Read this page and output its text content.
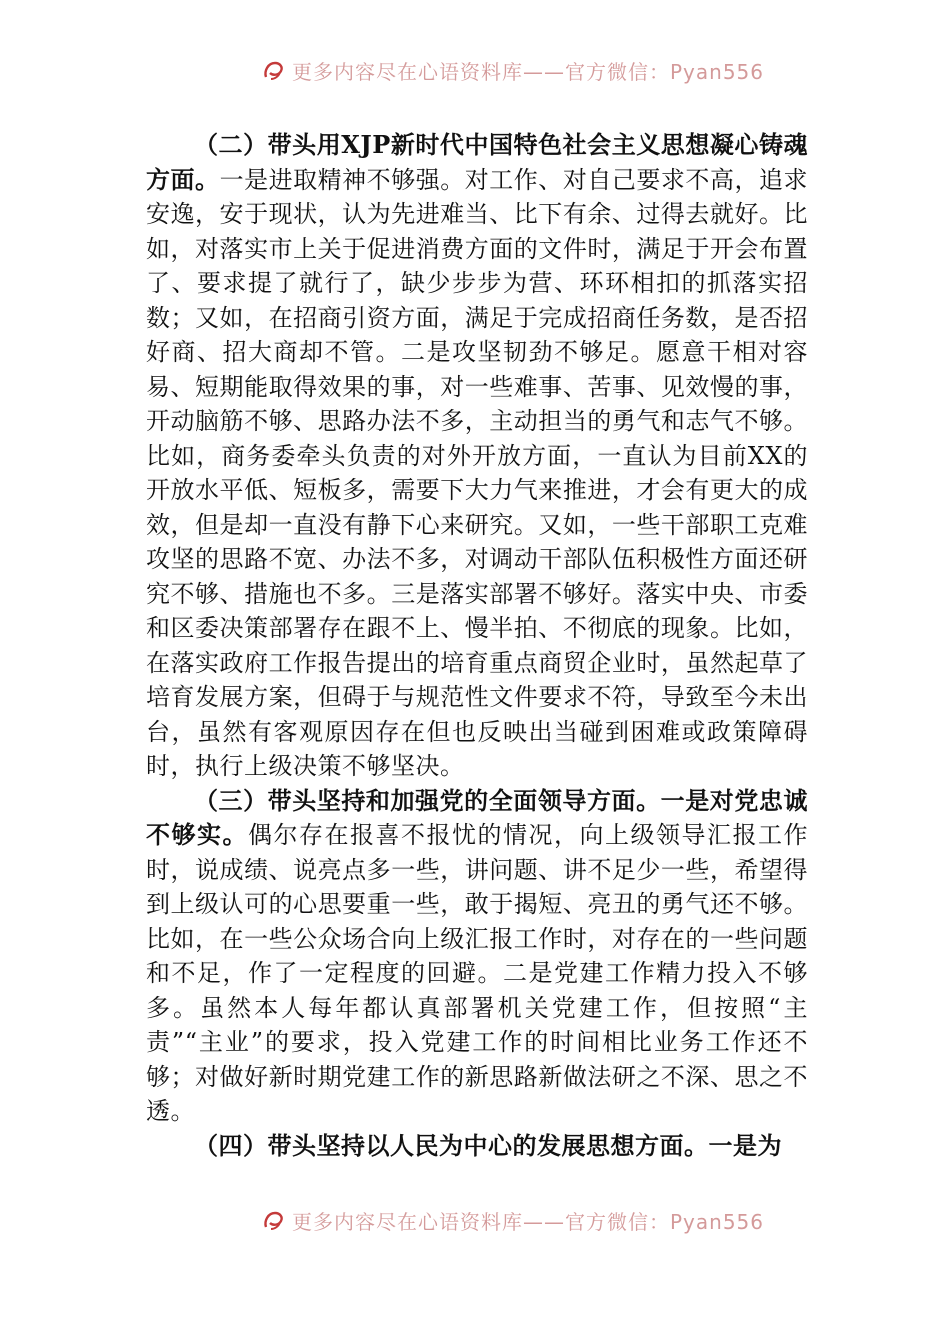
更多内容尽在心语资料库——官方微信：Pyan556

（二）带头用XJP新时代中国特色社会主义思想凝心铸魂方面。一是进取精神不够强。对工作、对自己要求不高，追求安逸，安于现状，认为先进难当、比下有余、过得去就好。比如，对落实市上关于促进消费方面的文件时，满足于开会布置了、要求提了就行了，缺少步步为营、环环相扣的抓落实招数；又如，在招商引资方面，满足于完成招商任务数，是否招好商、招大商却不管。二是攻坚韧劲不够足。愿意干相对容易、短期能取得效果的事，对一些难事、苦事、见效慢的事，开动脑筋不够、思路办法不多，主动担当的勇气和志气不够。比如，商务委牵头负责的对外开放方面，一直认为目前XX的开放水平低、短板多，需要下大力气来推进，才会有更大的成效，但是却一直没有静下心来研究。又如，一些干部职工克难攻坚的思路不宽、办法不多，对调动干部队伍积极性方面还研究不够、措施也不多。三是落实部署不够好。落实中央、市委和区委决策部署存在跟不上、慢半拍、不彻底的现象。比如，在落实政府工作报告提出的培育重点商贸企业时，虽然起草了培育发展方案，但碍于与规范性文件要求不符，导致至今未出台，虽然有客观原因存在但也反映出当碰到困难或政策障碍时，执行上级决策不够坚决。

（三）带头坚持和加强党的全面领导方面。一是对党忠诚不够实。偶尔存在报喜不报忧的情况，向上级领导汇报工作时，说成绩、说亮点多一些，讲问题、讲不足少一些，希望得到上级认可的心思要重一些，敢于揭短、亮丑的勇气还不够。比如，在一些公众场合向上级汇报工作时，对存在的一些问题和不足，作了一定程度的回避。二是党建工作精力投入不够多。虽然本人每年都认真部署机关党建工作，但按照“主责”“主业”的要求，投入党建工作的时间相比业务工作还不够；对做好新时期党建工作的新思路新做法研之不深、思之不透。

（四）带头坚持以人民为中心的发展思想方面。一是为

更多内容尽在心语资料库——官方微信：Pyan556
